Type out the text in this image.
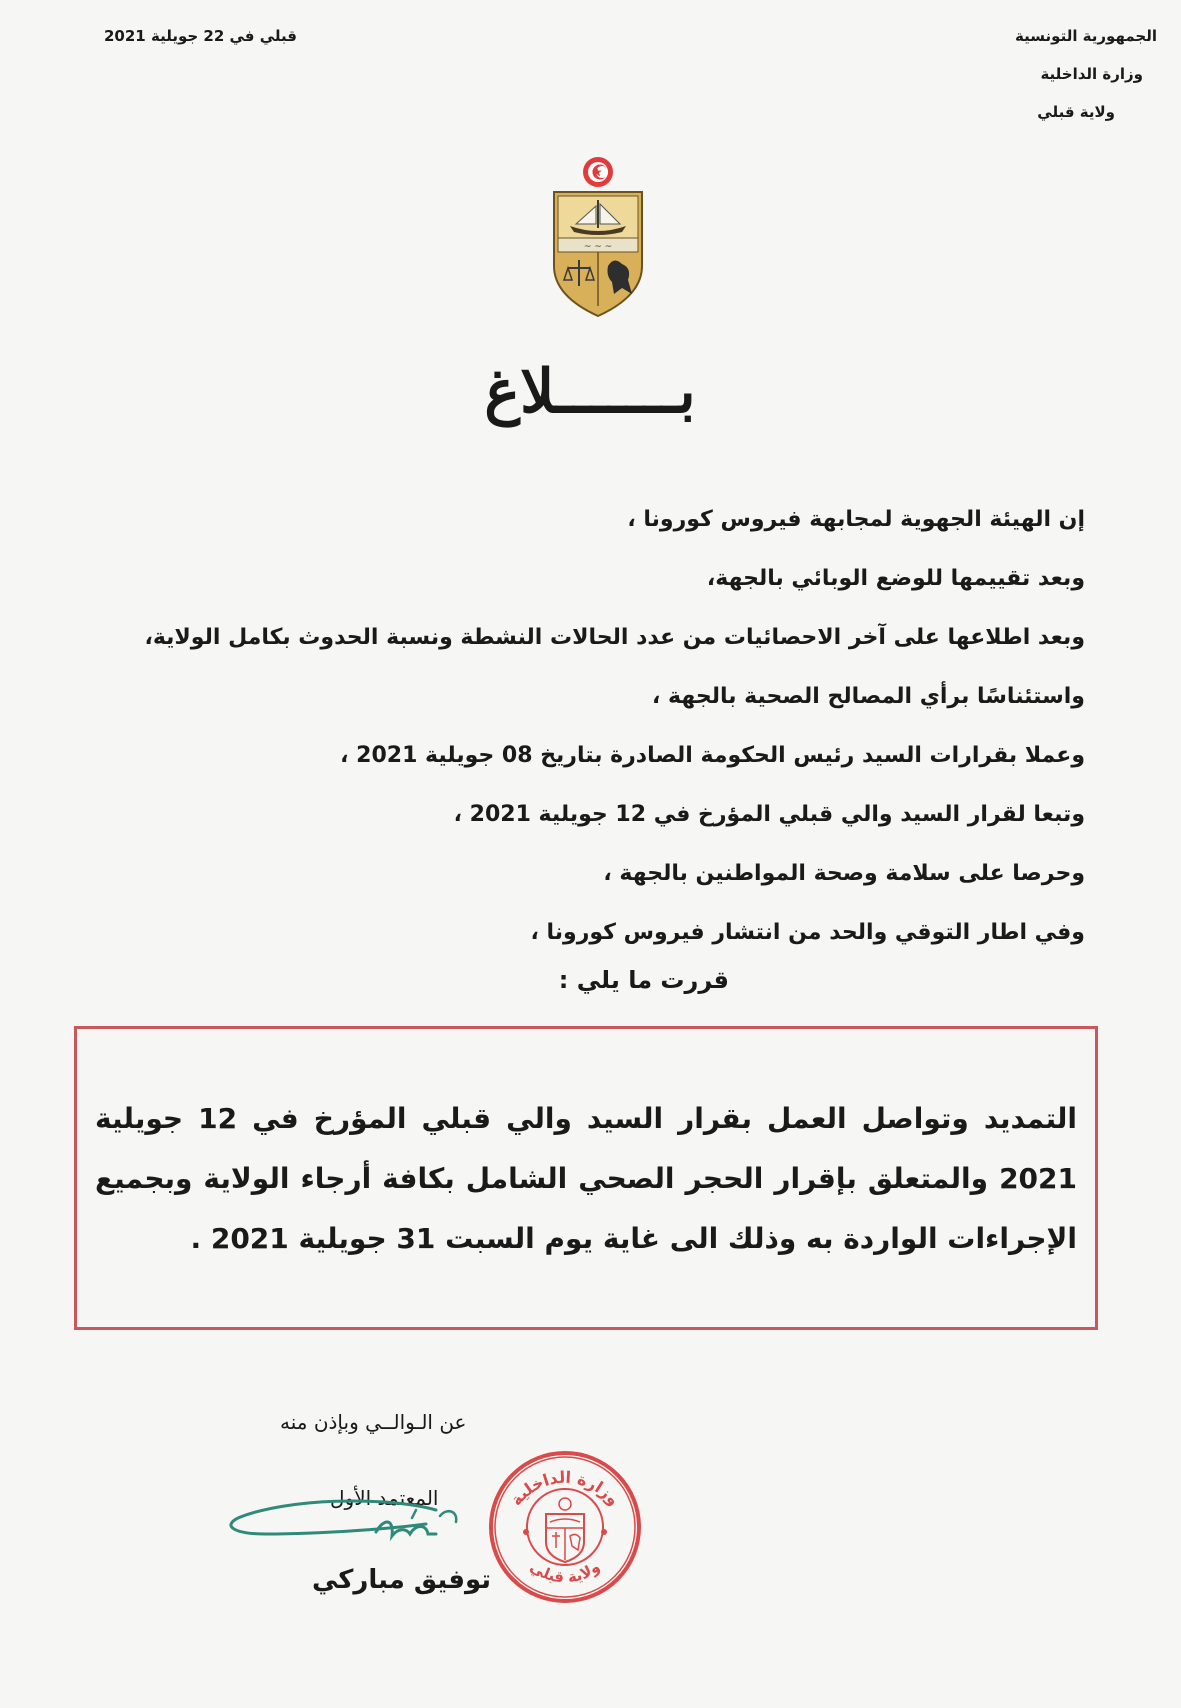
الجمهورية التونسية
وزارة الداخلية
ولاية قبلي
قبلي في 22 جويلية 2021
~ ~ ~
بـــــــلاغ
إن الهيئة الجهوية لمجابهة فيروس كورونا ،
وبعد تقييمها للوضع الوبائي بالجهة،
وبعد اطلاعها على آخر الاحصائيات من عدد الحالات النشطة ونسبة الحدوث بكامل الولاية،
واستئناسًا برأي المصالح الصحية بالجهة ،
وعملا بقرارات السيد رئيس الحكومة الصادرة بتاريخ 08 جويلية 2021 ،
وتبعا لقرار السيد والي قبلي المؤرخ في 12 جويلية 2021 ،
وحرصا على سلامة وصحة المواطنين بالجهة ،
وفي اطار التوقي والحد من انتشار فيروس كورونا ،
قررت ما يلي :
التمديد وتواصل العمل بقرار السيد والي قبلي المؤرخ في 12 جويلية 2021 والمتعلق بإقرار الحجر الصحي الشامل بكافة أرجاء الولاية وبجميع الإجراءات الواردة به وذلك الى غاية يوم السبت 31 جويلية 2021 .
عن الـوالــي وبإذن منه
المعتمد الأول
توفيق مباركي
وزارة الداخلية
ولاية قبلي
